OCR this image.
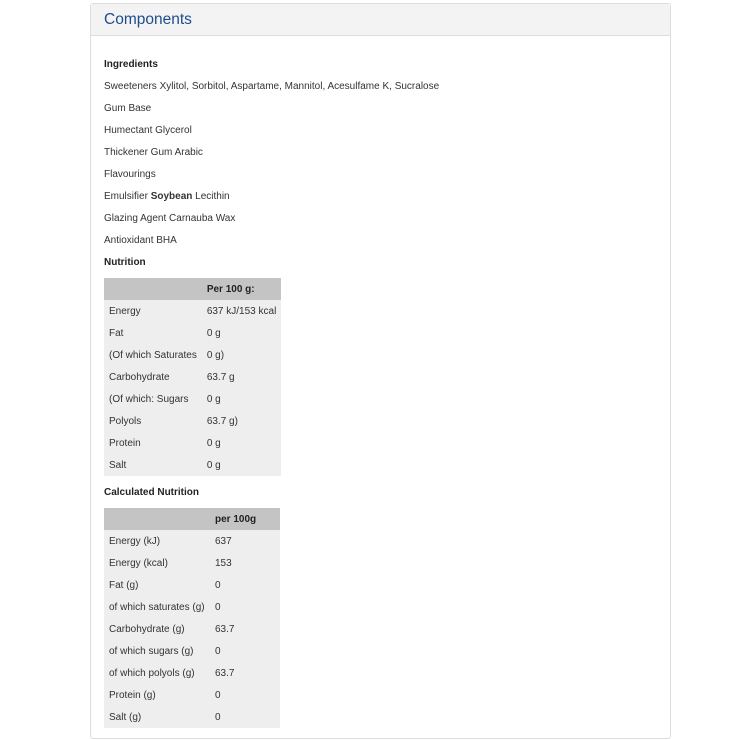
Components
Ingredients
Sweeteners Xylitol, Sorbitol, Aspartame, Mannitol, Acesulfame K, Sucralose
Gum Base
Humectant Glycerol
Thickener Gum Arabic
Flavourings
Emulsifier Soybean Lecithin
Glazing Agent Carnauba Wax
Antioxidant BHA
Nutrition
	Per 100 g:
Energy	637 kJ/153 kcal
Fat	0 g
(Of which Saturates	0 g)
Carbohydrate	63.7 g
(Of which: Sugars	0 g
Polyols	63.7 g)
Protein	0 g
Salt	0 g
Calculated Nutrition
	per 100g
Energy (kJ)	637
Energy (kcal)	153
Fat (g)	0
of which saturates (g)	0
Carbohydrate (g)	63.7
of which sugars (g)	0
of which polyols (g)	63.7
Protein (g)	0
Salt (g)	0
